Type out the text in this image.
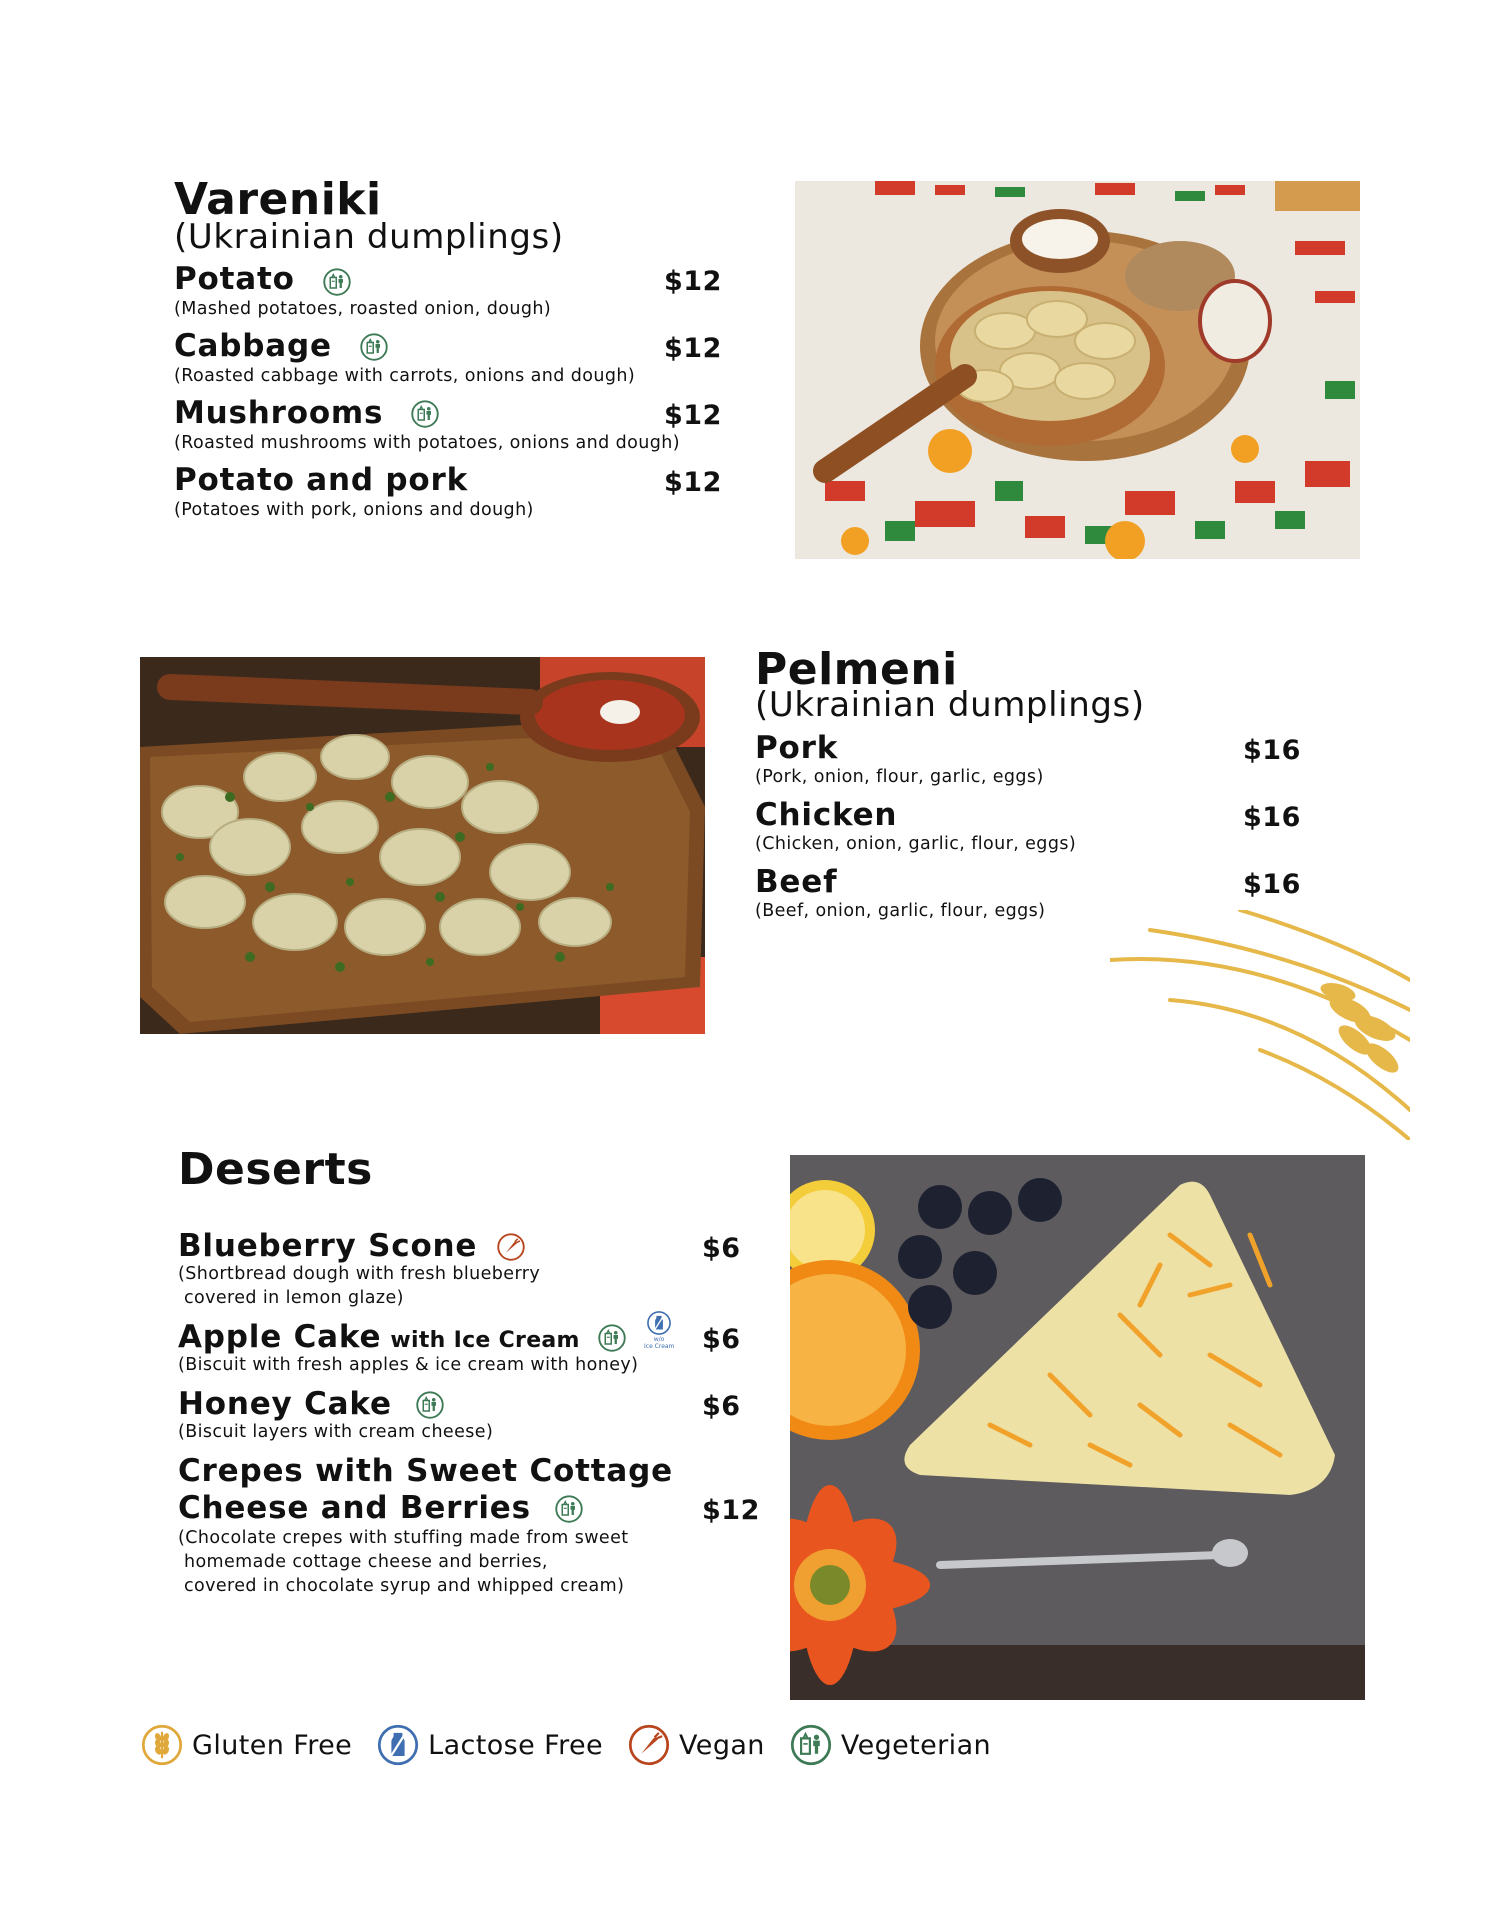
Vareniki
(Ukrainian dumplings)
Potato	$12
(Mashed potatoes, roasted onion, dough)
Cabbage	$12
(Roasted cabbage with carrots, onions and dough)
Mushrooms	$12
(Roasted mushrooms with potatoes, onions and dough)
Potato and pork	$12
(Potatoes with pork, onions and dough)
Pelmeni
(Ukrainian dumplings)
Pork	$16
(Pork, onion, flour, garlic, eggs)
Chicken	$16
(Chicken, onion, garlic, flour, eggs)
Beef	$16
(Beef, onion, garlic, flour, eggs)
Deserts
Blueberry Scone	$6
(Shortbread dough with fresh blueberry
covered in lemon glaze)
Apple Cake with Ice Cream	w/o
Ice Cream $6
(Biscuit with fresh apples & ice cream with honey)
Honey Cake	$6
(Biscuit layers with cream cheese)
Crepes with Sweet Cottage
Cheese and Berries	$12
(Chocolate crepes with stuffing made from sweet
homemade cottage cheese and berries,
covered in chocolate syrup and whipped cream)
Gluten Free	Lactose Free	Vegan	Vegeterian
